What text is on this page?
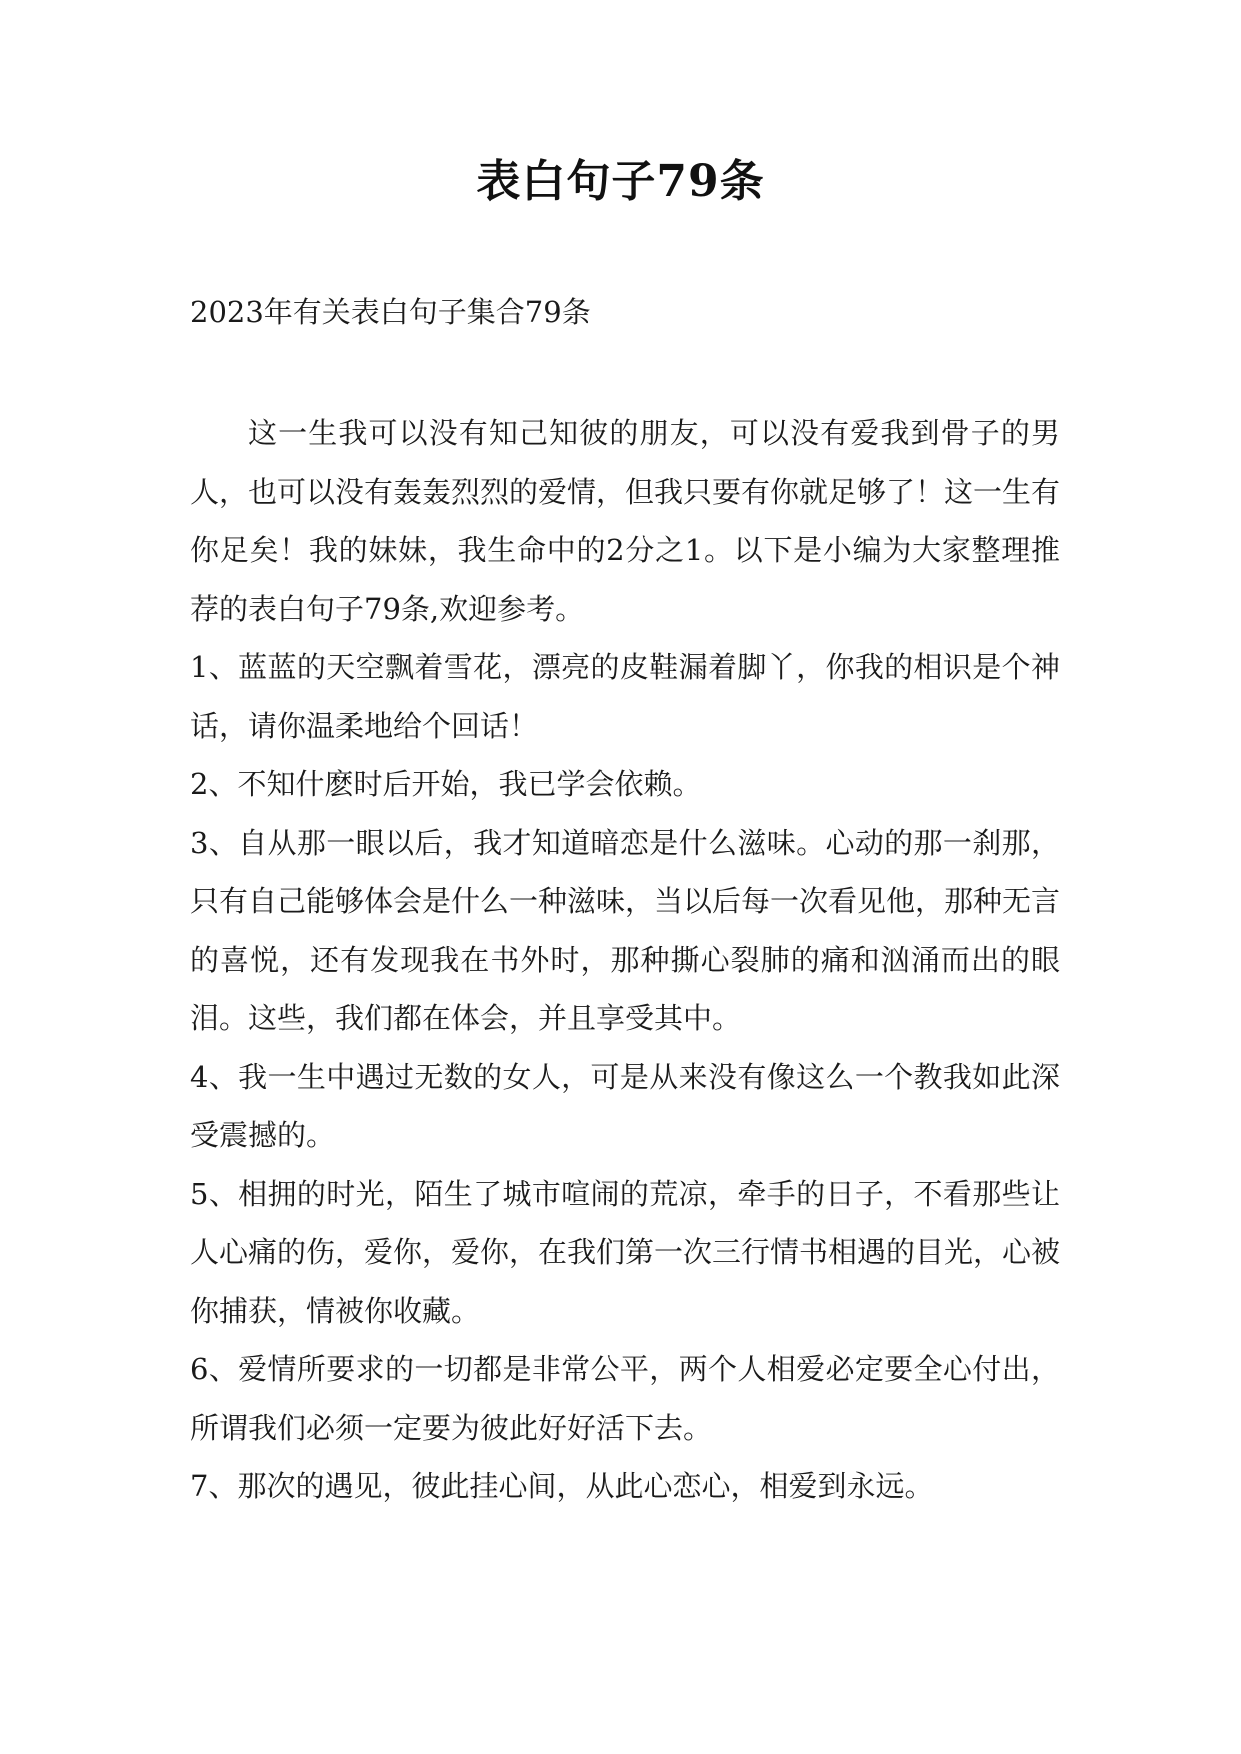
表白句子79条
2023年有关表白句子集合79条

这一生我可以没有知己知彼的朋友，可以没有爱我到骨子的男人，也可以没有轰轰烈烈的爱情，但我只要有你就足够了！这一生有你足矣！我的妹妹，我生命中的2分之1。以下是小编为大家整理推荐的表白句子79条,欢迎参考。

1、蓝蓝的天空飘着雪花，漂亮的皮鞋漏着脚丫，你我的相识是个神话，请你温柔地给个回话！

2、不知什麽时后开始，我已学会依赖。

3、自从那一眼以后，我才知道暗恋是什么滋味。心动的那一刹那，只有自己能够体会是什么一种滋味，当以后每一次看见他，那种无言的喜悦，还有发现我在书外时，那种撕心裂肺的痛和汹涌而出的眼泪。这些，我们都在体会，并且享受其中。

4、我一生中遇过无数的女人，可是从来没有像这么一个教我如此深受震撼的。

5、相拥的时光，陌生了城市喧闹的荒凉，牵手的日子，不看那些让人心痛的伤，爱你，爱你，在我们第一次三行情书相遇的目光，心被你捕获，情被你收藏。

6、爱情所要求的一切都是非常公平，两个人相爱必定要全心付出，所谓我们必须一定要为彼此好好活下去。

7、那次的遇见，彼此挂心间，从此心恋心，相爱到永远。
